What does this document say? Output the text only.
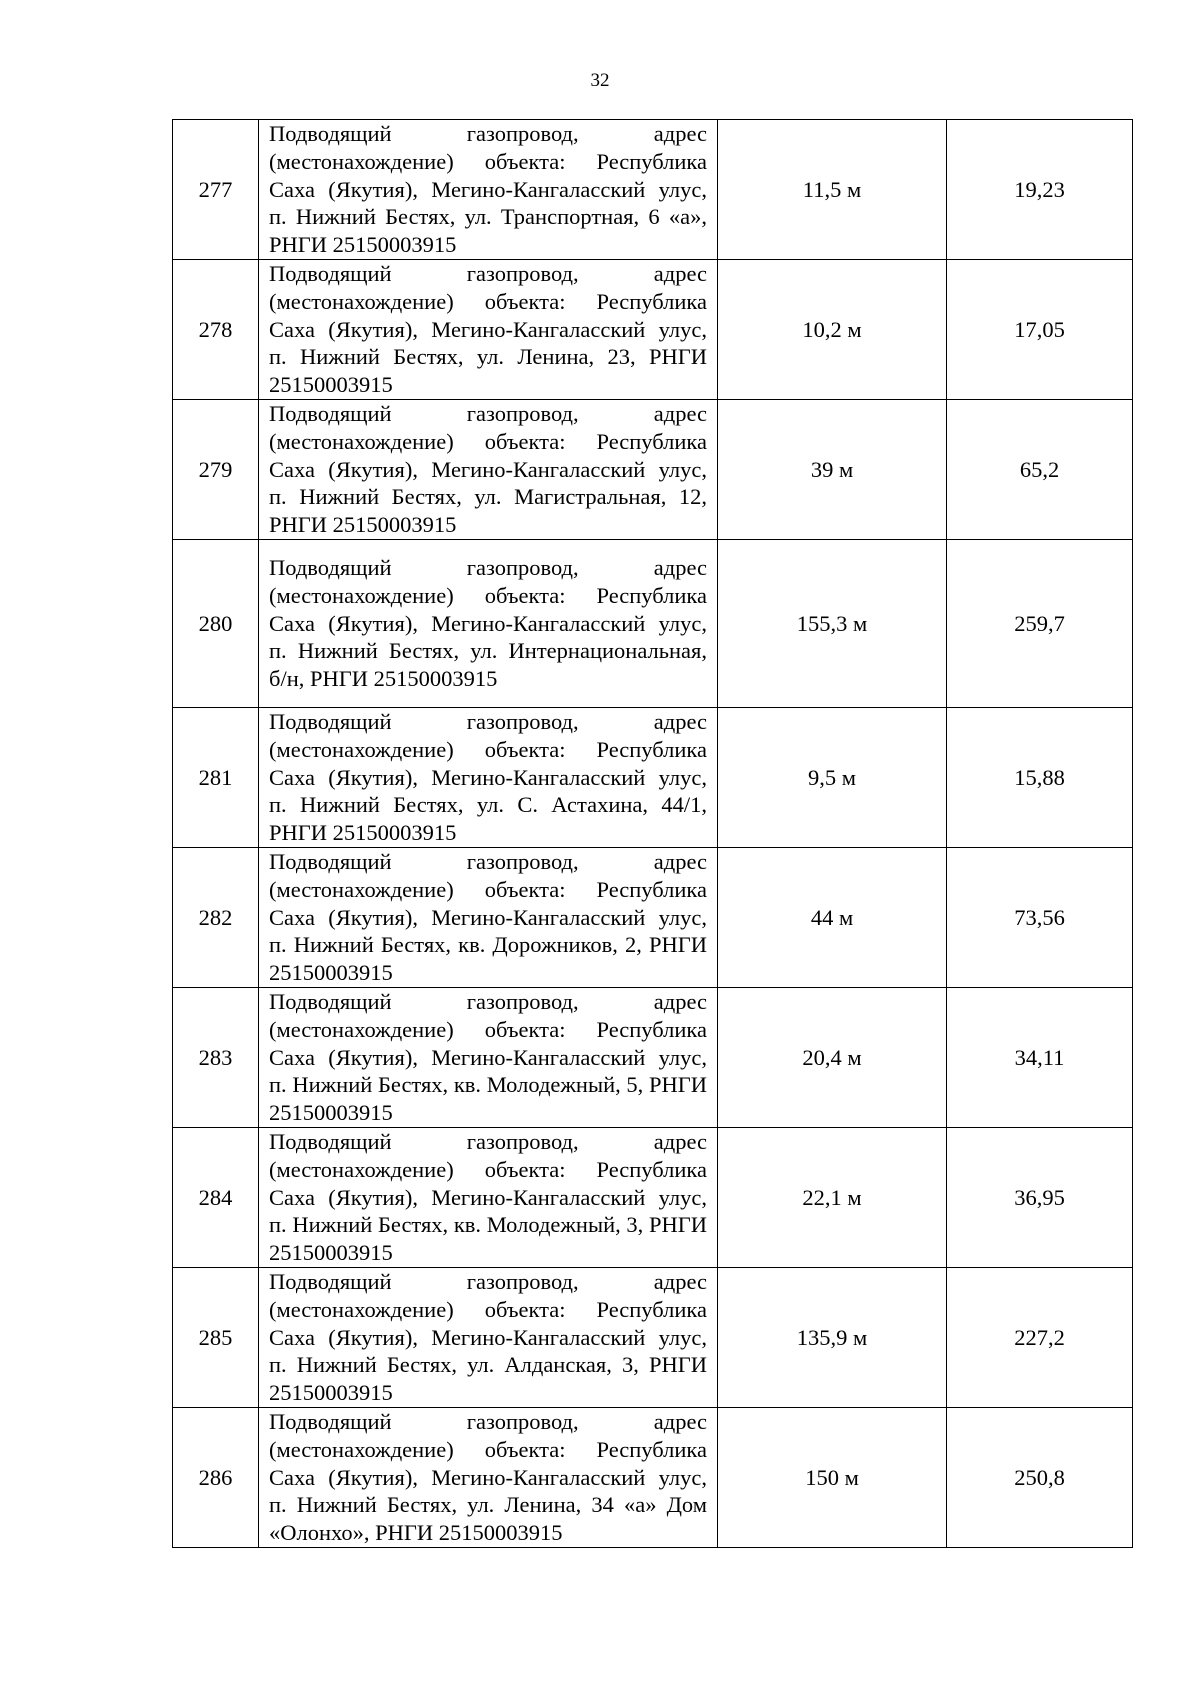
32
277	Подводящий газопровод, адрес (местонахождение) объекта: Республика Саха (Якутия), Мегино-Кангаласский улус, п. Нижний Бестях, ул. Транспортная, 6 «а», РНГИ 25150003915	11,5 м	19,23
278	Подводящий газопровод, адрес (местонахождение) объекта: Республика Саха (Якутия), Мегино-Кангаласский улус, п. Нижний Бестях, ул. Ленина, 23, РНГИ 25150003915	10,2 м	17,05
279	Подводящий газопровод, адрес (местонахождение) объекта: Республика Саха (Якутия), Мегино-Кангаласский улус, п. Нижний Бестях, ул. Магистральная, 12, РНГИ 25150003915	39 м	65,2
280	Подводящий газопровод, адрес (местонахождение) объекта: Республика Саха (Якутия), Мегино-Кангаласский улус, п. Нижний Бестях, ул. Интернациональная, б/н, РНГИ 25150003915	155,3 м	259,7
281	Подводящий газопровод, адрес (местонахождение) объекта: Республика Саха (Якутия), Мегино-Кангаласский улус, п. Нижний Бестях, ул. С. Астахина, 44/1, РНГИ 25150003915	9,5 м	15,88
282	Подводящий газопровод, адрес (местонахождение) объекта: Республика Саха (Якутия), Мегино-Кангаласский улус, п. Нижний Бестях, кв. Дорожников, 2, РНГИ 25150003915	44 м	73,56
283	Подводящий газопровод, адрес (местонахождение) объекта: Республика Саха (Якутия), Мегино-Кангаласский улус, п. Нижний Бестях, кв. Молодежный, 5, РНГИ 25150003915	20,4 м	34,11
284	Подводящий газопровод, адрес (местонахождение) объекта: Республика Саха (Якутия), Мегино-Кангаласский улус, п. Нижний Бестях, кв. Молодежный, 3, РНГИ 25150003915	22,1 м	36,95
285	Подводящий газопровод, адрес (местонахождение) объекта: Республика Саха (Якутия), Мегино-Кангаласский улус, п. Нижний Бестях, ул. Алданская, 3, РНГИ 25150003915	135,9 м	227,2
286	Подводящий газопровод, адрес (местонахождение) объекта: Республика Саха (Якутия), Мегино-Кангаласский улус, п. Нижний Бестях, ул. Ленина, 34 «а» Дом «Олонхо», РНГИ 25150003915	150 м	250,8
